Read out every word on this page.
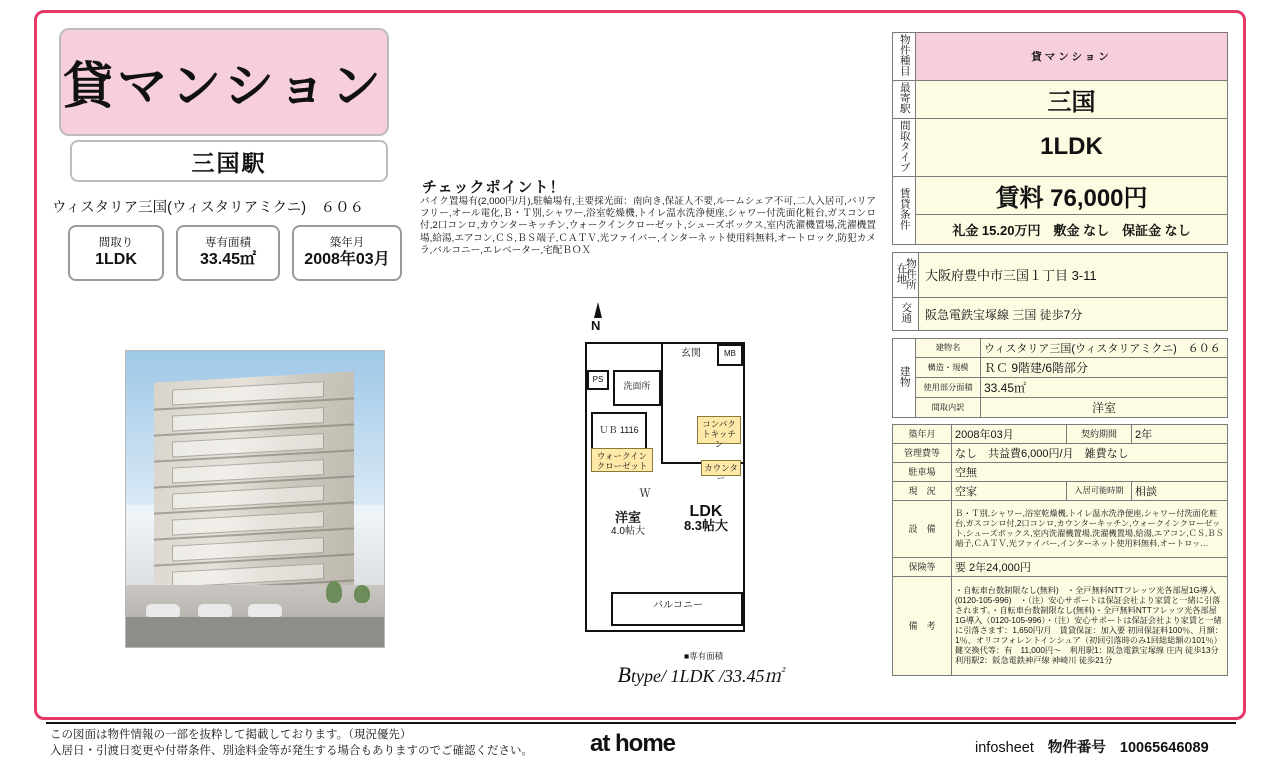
貸マンション
三国駅
ウィスタリア三国(ウィスタリアミクニ)　６０６
間取り
1LDK
専有面積
33.45㎡
築年月
2008年03月
チェックポイント！
バイク置場有(2,000円/月),駐輪場有,主要採光面：南向き,保証人不要,ルームシェア不可,二人入居可,バリアフリー,オール電化,Ｂ・Ｔ別,シャワー,浴室乾燥機,トイレ温水洗浄便座,シャワー付洗面化粧台,ガスコンロ付,2口コンロ,カウンターキッチン,ウォークインクローゼット,シューズボックス,室内洗濯機置場,洗濯機置場,給湯,エアコン,ＣＳ,ＢＳ端子,ＣＡＴＶ,光ファイバー,インターネット使用料無料,オートロック,防犯カメラ,バルコニー,エレベーター,宅配ＢＯＸ
N
バルコニー
玄関	MB
PS
洗面所
ＵＢ 1116
ウォークインクローゼット
コンパクトキッチン
カウンター
Ｗ
洋室
4.0帖大
LDK
8.3帖大
■専有面積
Btype/ 1LDK /33.45㎡
物件種目	貸マンション
最寄駅	三国
間取タイプ	1LDK
賃貸条件	賃料 76,000円
	礼金 15.20万円　敷金 なし　保証金 なし
物件所在地	大阪府豊中市三国１丁目 3-11
交通	阪急電鉄宝塚線 三国 徒歩7分
建物	建物名	ウィスタリア三国(ウィスタリアミクニ)　６０６
	構造・規模	ＲＣ 9階建/6階部分
	使用部分面積	33.45㎡
	間取内訳	洋室
築年月	2008年03月	契約期間	2年
管理費等	なし　共益費6,000円/月　雑費なし		
駐車場	空無		
現　況	空家	入居可能時期	相談
設　備	Ｂ・Ｔ別,シャワー,浴室乾燥機,トイレ温水洗浄便座,シャワー付洗面化粧台,ガスコンロ付,2口コンロ,カウンターキッチン,ウォークインクローゼット,シューズボックス,室内洗濯機置場,洗濯機置場,給湯,エアコン,ＣＳ,ＢＳ端子,ＣＡＴＶ,光ファイバー,インターネット使用料無料,オートロッ…		
保険等	要 2年24,000円		
備　考	・自転車台数制限なし(無料)　・全戸無料NTTフレッツ光各部屋1G導入(0120-105-996)　・（注）安心サポートは保証会社より家賃と一緒に引落されます。・自転車台数制限なし(無料)・全戸無料NTTフレッツ光各部屋1G導入（0120-105-996）・（注）安心サポートは保証会社より家賃と一緒に引落さます：1,650円/月　賃貸保証：加入要 初回保証料100％、月額：1％、オリコフォレントインシュア（初回引落時のみ1回総総額の101％）　鍵交換代等：有　11,000円～　利用駅1：阪急電鉄宝塚線 庄内 徒歩13分　利用駅2：阪急電鉄神戸線 神崎川 徒歩21分		
この図面は物件情報の一部を抜粋して掲載しております。（現況優先）
入居日・引渡日変更や付帯条件、別途料金等が発生する場合もありますのでご確認ください。 at home	infosheet 物件番号 10065646089
